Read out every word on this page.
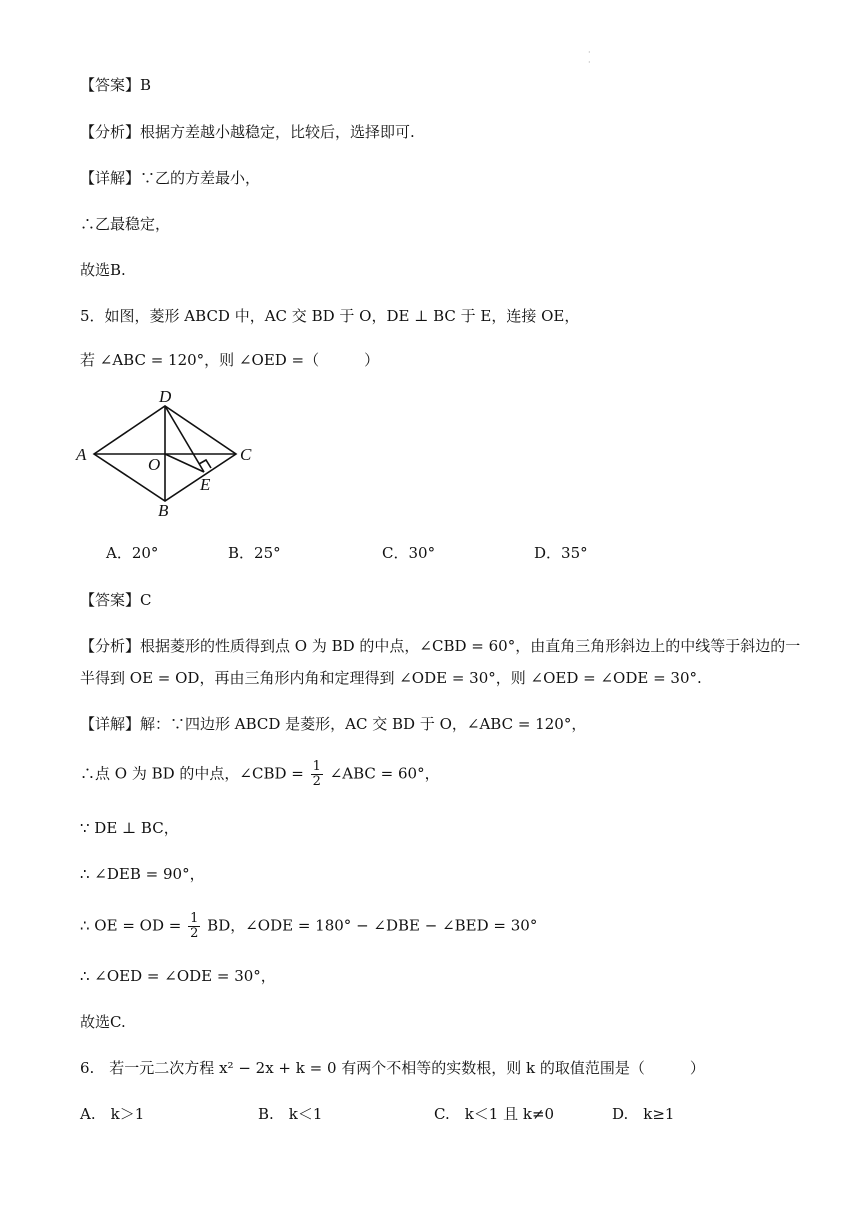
·
·
【答案】B
【分析】根据方差越小越稳定，比较后，选择即可.
【详解】∵乙的方差最小，
∴乙最稳定，
故选B.
5．如图，菱形 ABCD 中，AC 交 BD 于 O，DE ⊥ BC 于 E，连接 OE，
若 ∠ABC = 120°，则 ∠OED =（　　　）
A
D
C
B
O
E
A．20°	B．25°	C．30°	D．35°
【答案】C
【分析】根据菱形的性质得到点 O 为 BD 的中点，∠CBD = 60°，由直角三角形斜边上的中线等于斜边的一
半得到 OE = OD，再由三角形内角和定理得到 ∠ODE = 30°，则 ∠OED = ∠ODE = 30°.
【详解】解：∵四边形 ABCD 是菱形，AC 交 BD 于 O，∠ABC = 120°，
∴点 O 为 BD 的中点，∠CBD = $\frac{1}{2}$ ∠ABC = 60°，
∵ DE ⊥ BC，
∴ ∠DEB = 90°，
∴ OE = OD = $\frac{1}{2}$ BD，∠ODE = 180° − ∠DBE − ∠BED = 30°
∴ ∠OED = ∠ODE = 30°，
故选C.
6.　若一元二次方程 x² − 2x + k = 0 有两个不相等的实数根，则 k 的取值范围是（　　　）
A.　k＞1	B.　k＜1	C.　k＜1 且 k≠0	D.　k≥1
